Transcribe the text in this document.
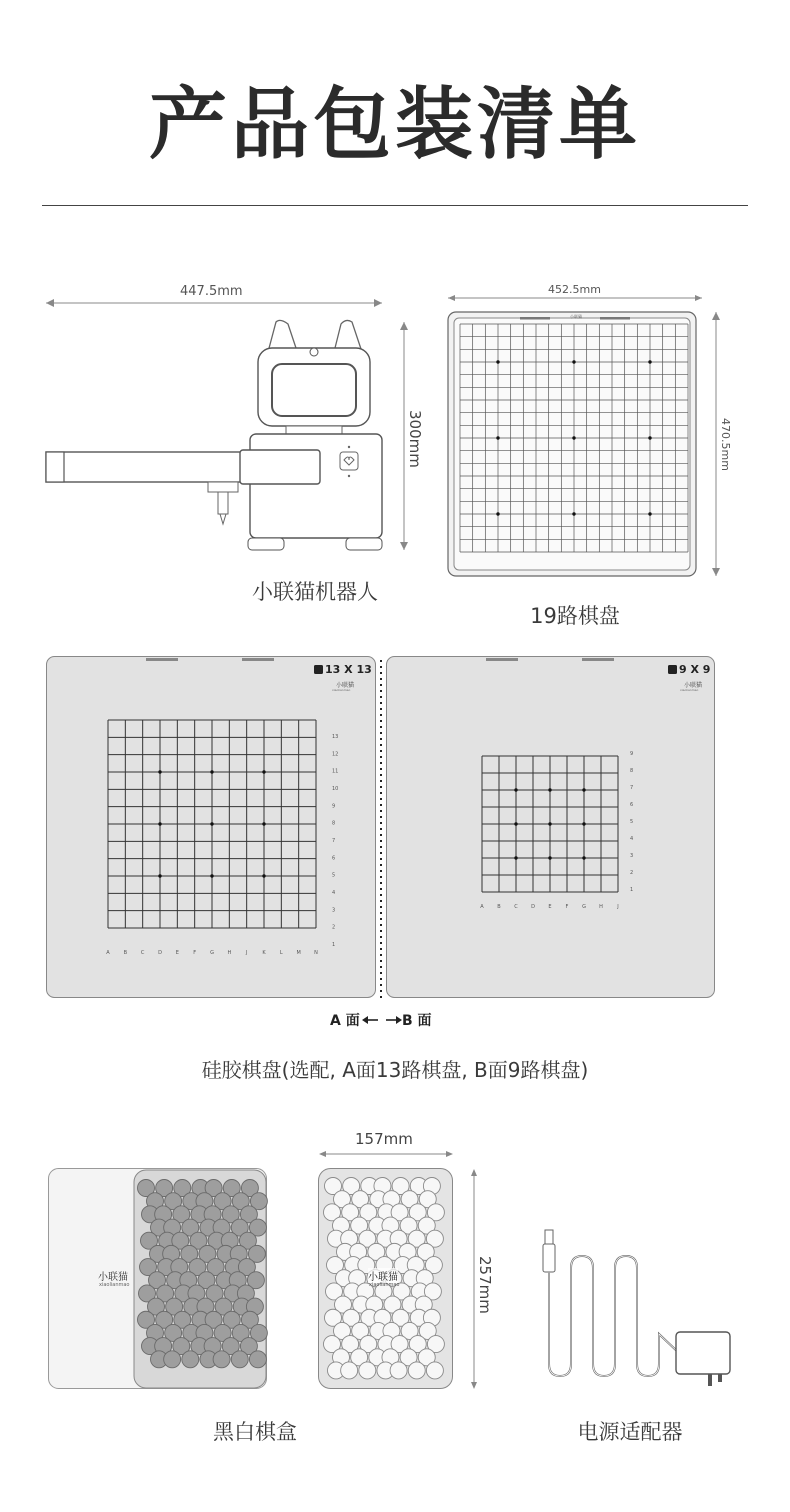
产品包装清单
447.5mm
300mm
小联猫机器人
452.5mm
小联猫
470.5mm
19路棋盘
A	B	C	D	E	F	G	H	J	K	L	M	N
13
12
11
10
9
8
7
6
5
4
3
2
1
13 X 13
小联猫
xiaolianmao
A	B	C	D	E	F	G	H	J
9
8
7
6
5
4
3
2
1
9 X 9
小联猫
xiaolianmao
A 面	B 面
硅胶棋盘(选配, A面13路棋盘, B面9路棋盘)
157mm
小联猫
xiaolianmao
小联猫
xiaolianmao	257mm
黑白棋盒	电源适配器
